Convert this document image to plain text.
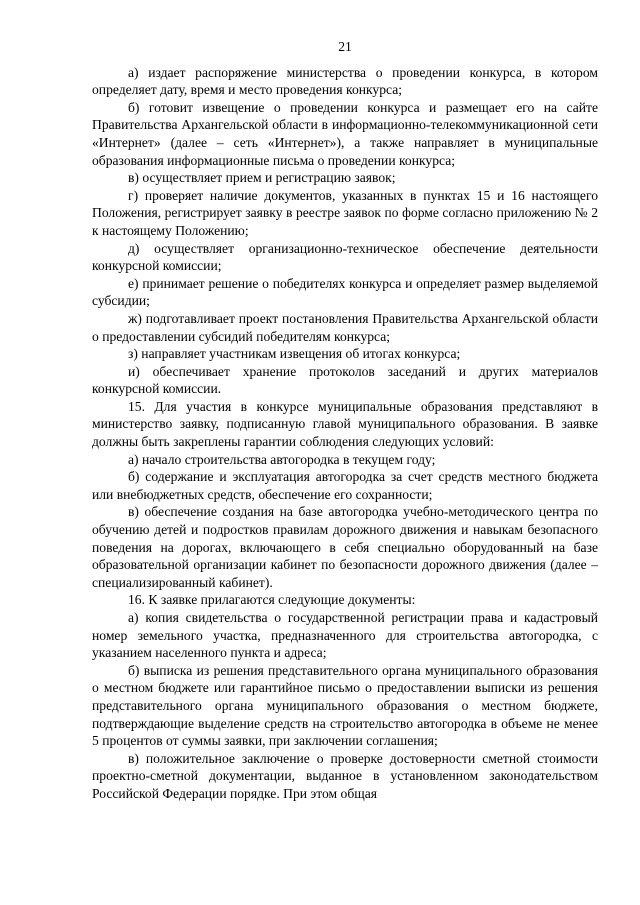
21

а) издает распоряжение министерства о проведении конкурса, в котором определяет дату, время и место проведения конкурса;

б) готовит извещение о проведении конкурса и размещает его на сайте Правительства Архангельской области в информационно-телекоммуникационной сети «Интернет» (далее – сеть «Интернет»), а также направляет в муниципальные образования информационные письма о проведении конкурса;

в) осуществляет прием и регистрацию заявок;

г) проверяет наличие документов, указанных в пунктах 15 и 16 настоящего Положения, регистрирует заявку в реестре заявок по форме согласно приложению № 2 к настоящему Положению;

д) осуществляет организационно-техническое обеспечение деятельности конкурсной комиссии;

е) принимает решение о победителях конкурса и определяет размер выделяемой субсидии;

ж) подготавливает проект постановления Правительства Архангельской области о предоставлении субсидий победителям конкурса;

з) направляет участникам извещения об итогах конкурса;

и) обеспечивает хранение протоколов заседаний и других материалов конкурсной комиссии.

15. Для участия в конкурсе муниципальные образования представляют в министерство заявку, подписанную главой муниципального образования. В заявке должны быть закреплены гарантии соблюдения следующих условий:

а) начало строительства автогородка в текущем году;

б) содержание и эксплуатация автогородка за счет средств местного бюджета или внебюджетных средств, обеспечение его сохранности;

в) обеспечение создания на базе автогородка учебно-методического центра по обучению детей и подростков правилам дорожного движения и навыкам безопасного поведения на дорогах, включающего в себя специально оборудованный на базе образовательной организации кабинет по безопасности дорожного движения (далее – специализированный кабинет).

16. К заявке прилагаются следующие документы:

а) копия свидетельства о государственной регистрации права и кадастровый номер земельного участка, предназначенного для строительства автогородка, с указанием населенного пункта и адреса;

б) выписка из решения представительного органа муниципального образования о местном бюджете или гарантийное письмо о предоставлении выписки из решения представительного органа муниципального образования о местном бюджете, подтверждающие выделение средств на строительство автогородка в объеме не менее 5 процентов от суммы заявки, при заключении соглашения;

в) положительное заключение о проверке достоверности сметной стоимости проектно-сметной документации, выданное в установленном законодательством Российской Федерации порядке. При этом общая
